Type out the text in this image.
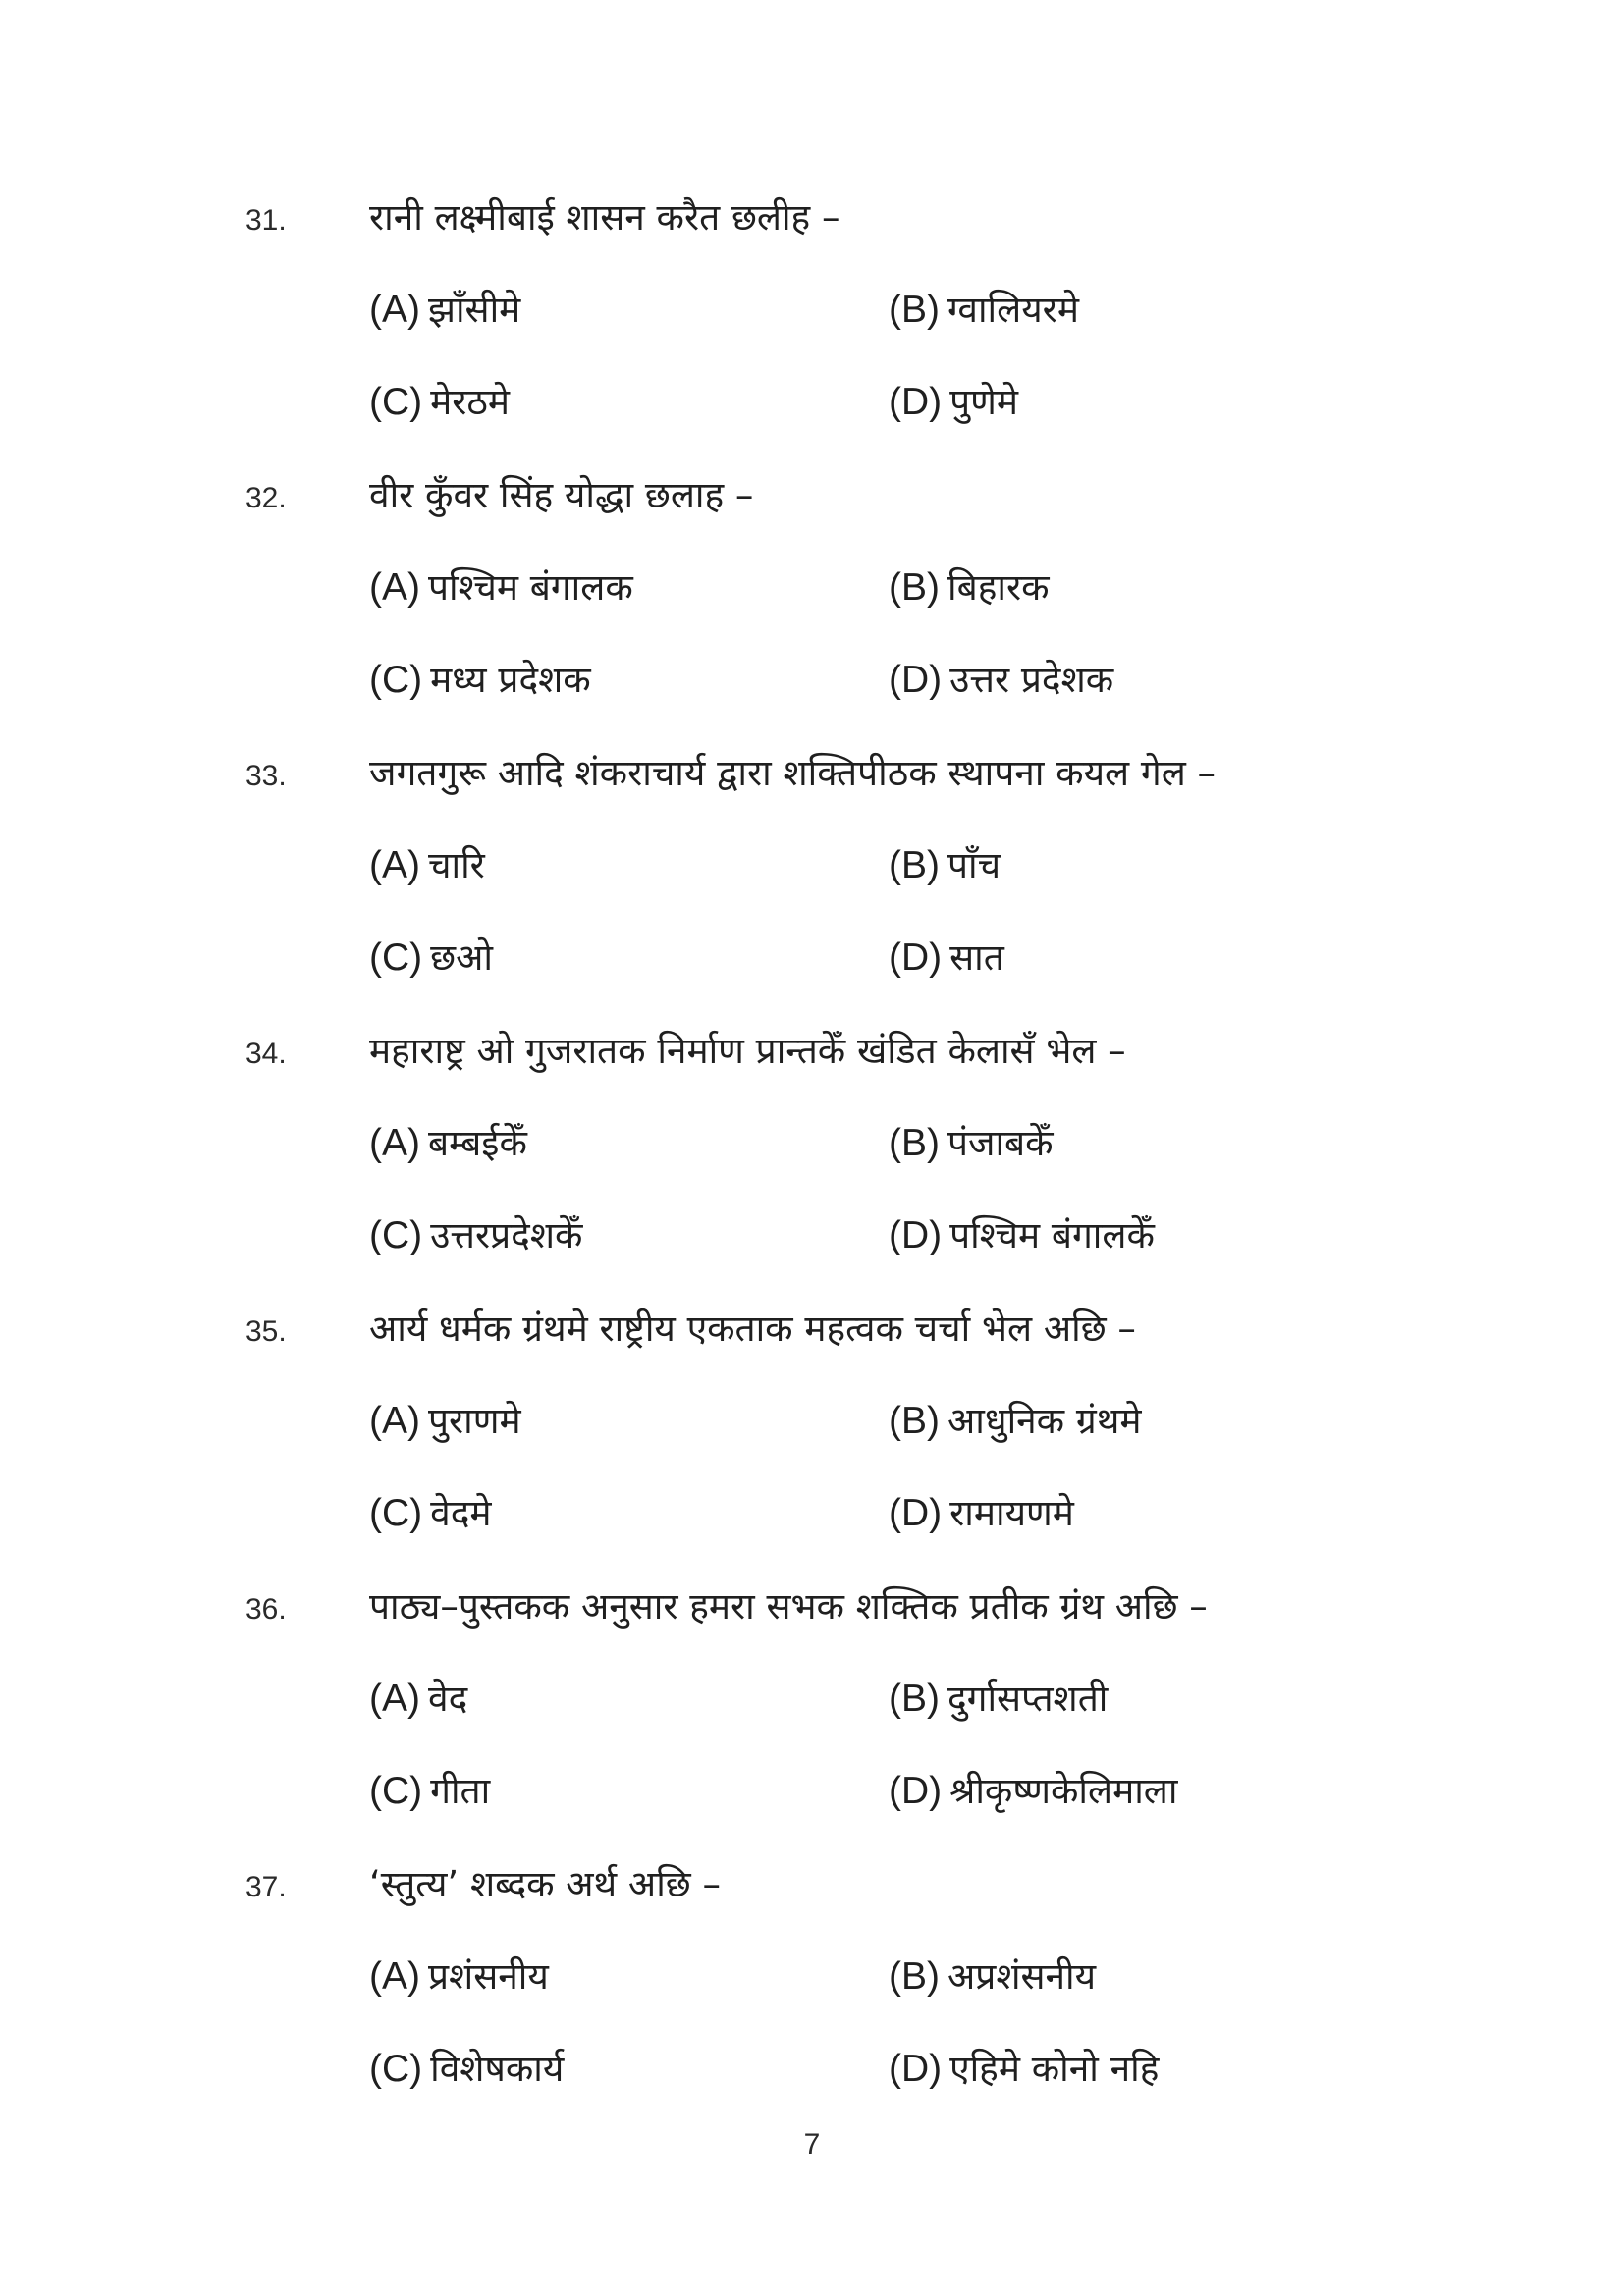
31. रानी लक्ष्मीबाई शासन करैत छलीह –
(A) झाँसीमे	(B) ग्वालियरमे
(C) मेरठमे	(D) पुणेमे
32. वीर कुँवर सिंह योद्धा छलाह –
(A) पश्चिम बंगालक	(B) बिहारक
(C) मध्य प्रदेशक	(D) उत्तर प्रदेशक
33. जगतगुरू आदि शंकराचार्य द्वारा शक्तिपीठक स्थापना कयल गेल –
(A) चारि	(B) पाँच
(C) छओ	(D) सात
34. महाराष्ट्र ओ गुजरातक निर्माण प्रान्तकेँ खंडित केलासँ भेल –
(A) बम्बईकेँ	(B) पंजाबकेँ
(C) उत्तरप्रदेशकेँ	(D) पश्चिम बंगालकेँ
35. आर्य धर्मक ग्रंथमे राष्ट्रीय एकताक महत्वक चर्चा भेल अछि –
(A) पुराणमे	(B) आधुनिक ग्रंथमे
(C) वेदमे	(D) रामायणमे
36. पाठ्य–पुस्तकक अनुसार हमरा सभक शक्तिक प्रतीक ग्रंथ अछि –
(A) वेद	(B) दुर्गासप्तशती
(C) गीता	(D) श्रीकृष्णकेलिमाला
37. ‘स्तुत्य’ शब्दक अर्थ अछि –
(A) प्रशंसनीय	(B) अप्रशंसनीय
(C) विशेषकार्य	(D) एहिमे कोनो नहि
7
